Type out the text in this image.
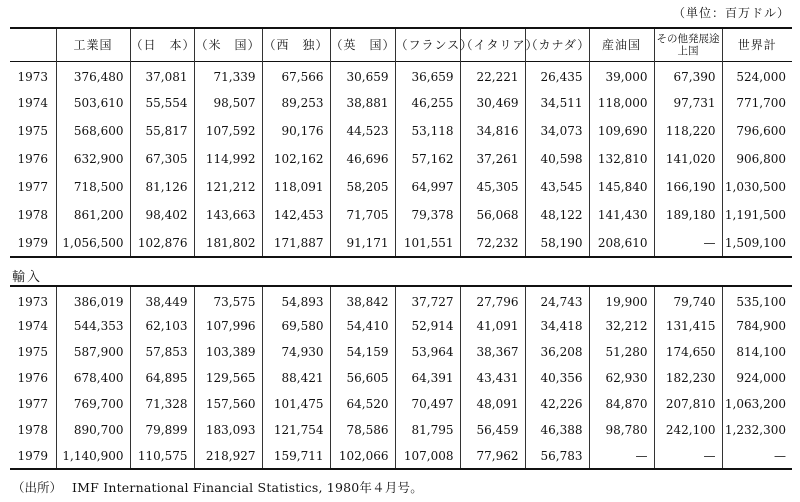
（単位：百万ドル）
	工業国	（日　本）	（米　国）	（西　独）	（英　国）	（フランス）	（イタリア）	（カナダ）	産油国	その他発展途上国	世界計
1973	376,480	37,081	71,339	67,566	30,659	36,659	22,221	26,435	39,000	67,390	524,000
1974	503,610	55,554	98,507	89,253	38,881	46,255	30,469	34,511	118,000	97,731	771,700
1975	568,600	55,817	107,592	90,176	44,523	53,118	34,816	34,073	109,690	118,220	796,600
1976	632,900	67,305	114,992	102,162	46,696	57,162	37,261	40,598	132,810	141,020	906,800
1977	718,500	81,126	121,212	118,091	58,205	64,997	45,305	43,545	145,840	166,190	1,030,500
1978	861,200	98,402	143,663	142,453	71,705	79,378	56,068	48,122	141,430	189,180	1,191,500
1979	1,056,500	102,876	181,802	171,887	91,171	101,551	72,232	58,190	208,610	—	1,509,100
輸入

1973	386,019	38,449	73,575	54,893	38,842	37,727	27,796	24,743	19,900	79,740	535,100
1974	544,353	62,103	107,996	69,580	54,410	52,914	41,091	34,418	32,212	131,415	784,900
1975	587,900	57,853	103,389	74,930	54,159	53,964	38,367	36,208	51,280	174,650	814,100
1976	678,400	64,895	129,565	88,421	56,605	64,391	43,431	40,356	62,930	182,230	924,000
1977	769,700	71,328	157,560	101,475	64,520	70,497	48,091	42,226	84,870	207,810	1,063,200
1978	890,700	79,899	183,093	121,754	78,586	81,795	56,459	46,388	98,780	242,100	1,232,300
1979	1,140,900	110,575	218,927	159,711	102,066	107,008	77,962	56,783	—	—	—
（出所） IMF International Financial Statistics, 1980年４月号。
